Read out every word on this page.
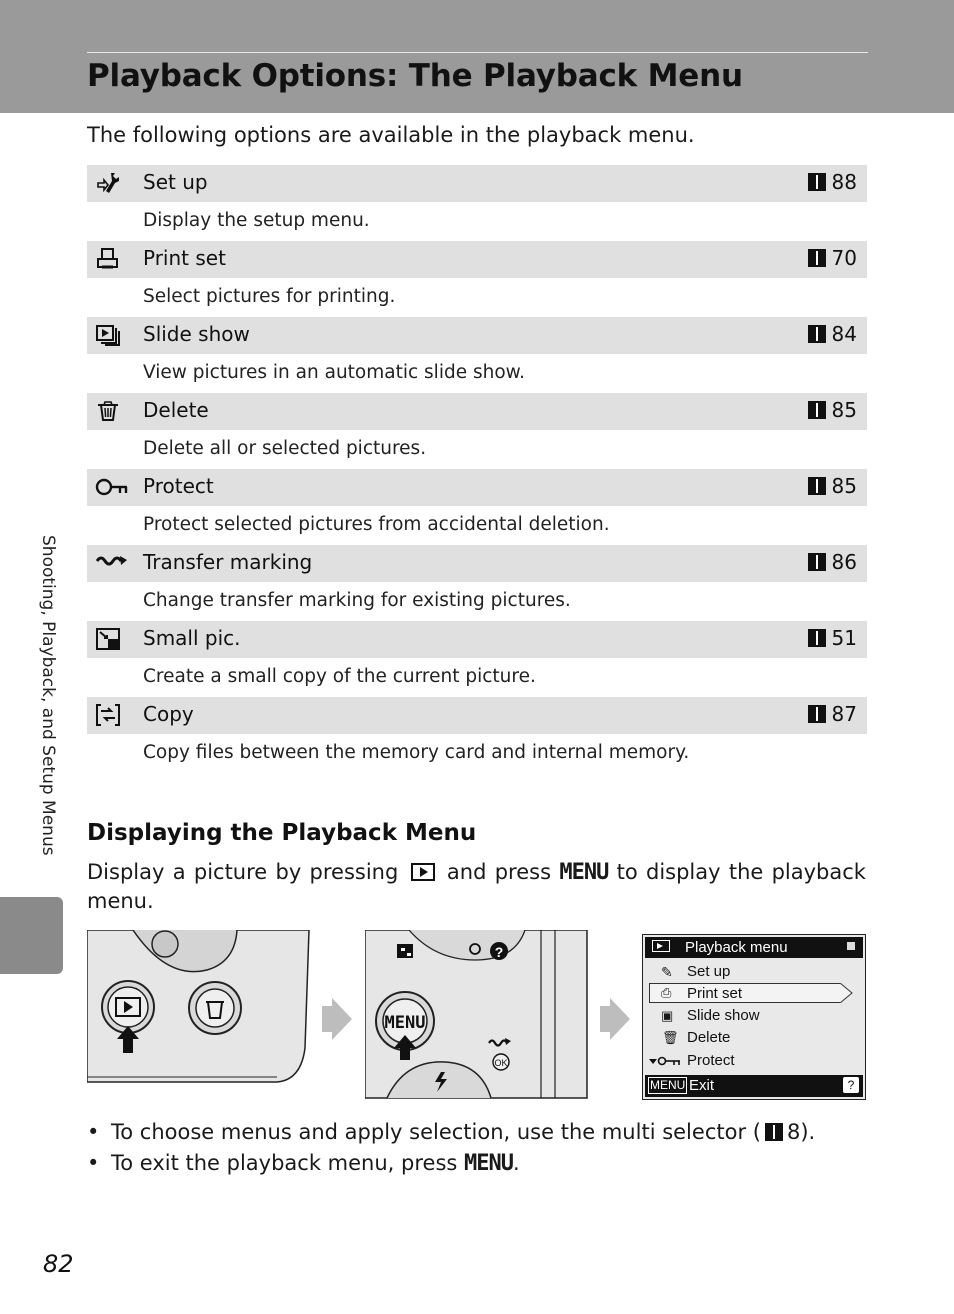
Playback Options: The Playback Menu

The following options are available in the playback menu.

Set up	88
Display the setup menu.
Print set	70
Select pictures for printing.
Slide show	84
View pictures in an automatic slide show.
Delete	85
Delete all or selected pictures.
Protect	85
Protect selected pictures from accidental deletion.
Transfer marking	86
Change transfer marking for existing pictures.
Small pic.	51
Create a small copy of the current picture.
Copy	87
Copy files between the memory card and internal memory.
Displaying the Playback Menu

Display a picture by pressing and press MENU to display the playback menu.

?
MENU
OK
Playback menu
✎ Set up
⎙ Print set
▣ Slide show
🗑 Delete
Protect
MENU Exit	?
• To choose menus and apply selection, use the multi selector ( 8).
• To exit the playback menu, press MENU.
Shooting, Playback, and Setup Menus
82
